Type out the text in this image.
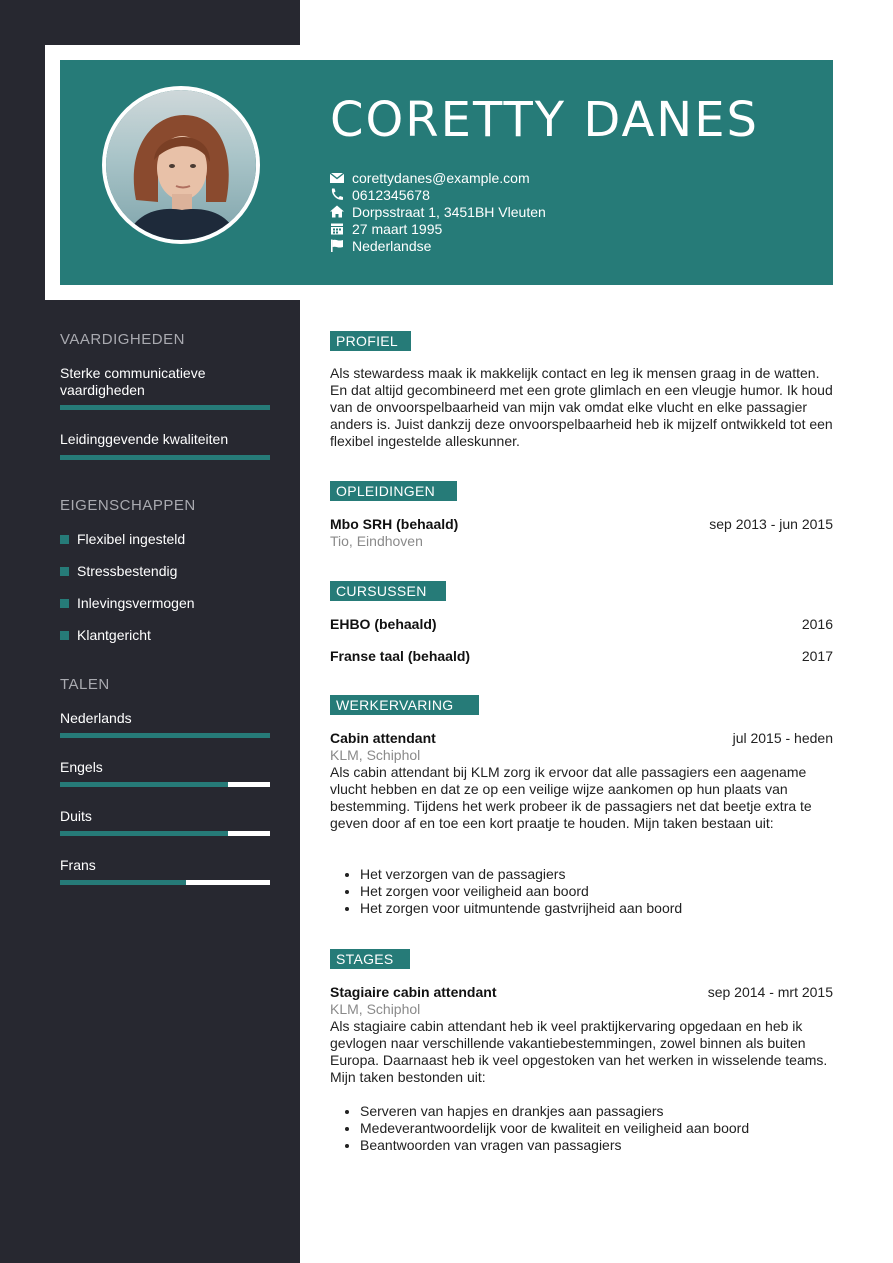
CORETTY DANES
corettydanes@example.com
0612345678
Dorpsstraat 1, 3451BH Vleuten
27 maart 1995
Nederlandse
VAARDIGHEDEN
Sterke communicatieve vaardigheden
Leidinggevende kwaliteiten
EIGENSCHAPPEN
Flexibel ingesteld
Stressbestendig
Inlevingsvermogen
Klantgericht
TALEN
Nederlands
Engels
Duits
Frans
PROFIEL

Als stewardess maak ik makkelijk contact en leg ik mensen graag in de watten. En dat altijd gecombineerd met een grote glimlach en een vleugje humor. Ik houd van de onvoorspelbaarheid van mijn vak omdat elke vlucht en elke passagier anders is. Juist dankzij deze onvoorspelbaarheid heb ik mijzelf ontwikkeld tot een flexibel ingestelde alleskunner.

OPLEIDINGEN
Mbo SRH (behaald)	sep 2013 - jun 2015
Tio, Eindhoven
CURSUSSEN
EHBO (behaald)	2016
Franse taal (behaald)	2017
WERKERVARING
Cabin attendant	jul 2015 - heden
KLM, Schiphol

Als cabin attendant bij KLM zorg ik ervoor dat alle passagiers een aagename vlucht hebben en dat ze op een veilige wijze aankomen op hun plaats van bestemming. Tijdens het werk probeer ik de passagiers net dat beetje extra te geven door af en toe een kort praatje te houden. Mijn taken bestaan uit:

• Het verzorgen van de passagiers
• Het zorgen voor veiligheid aan boord
• Het zorgen voor uitmuntende gastvrijheid aan boord
STAGES
Stagiaire cabin attendant	sep 2014 - mrt 2015
KLM, Schiphol

Als stagiaire cabin attendant heb ik veel praktijkervaring opgedaan en heb ik gevlogen naar verschillende vakantiebestemmingen, zowel binnen als buiten Europa. Daarnaast heb ik veel opgestoken van het werken in wisselende teams. Mijn taken bestonden uit:

• Serveren van hapjes en drankjes aan passagiers
• Medeverantwoordelijk voor de kwaliteit en veiligheid aan boord
• Beantwoorden van vragen van passagiers
